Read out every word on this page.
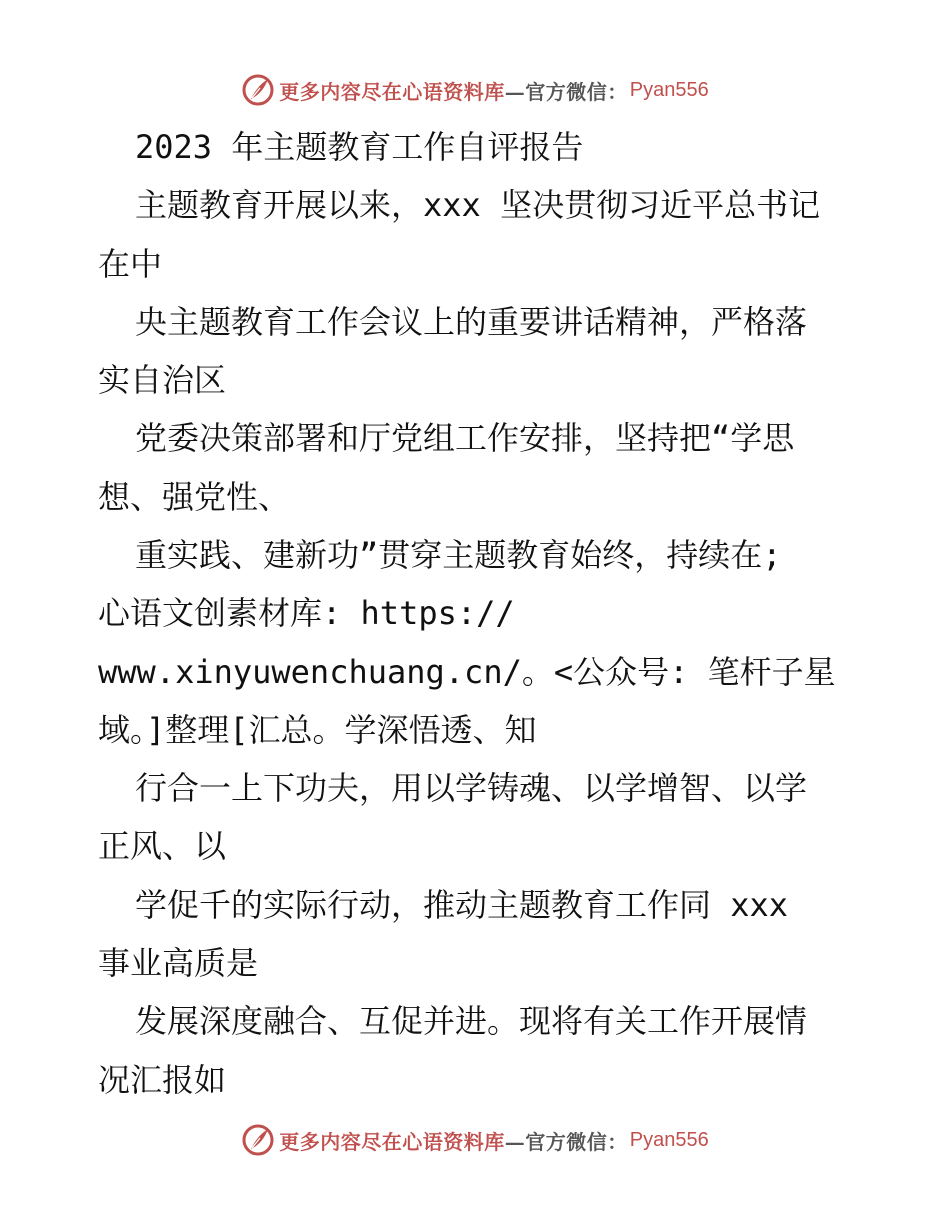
更多内容尽在心语资料库 —官方微信： Pyan556
2023 年主题教育工作自评报告
主题教育开展以来，xxx 坚决贯彻习近平总书记
在中
央主题教育工作会议上的重要讲话精神，严格落
实自治区
党委决策部署和厅党组工作安排，坚持把“学思
想、强党性、
重实践、建新功”贯穿主题教育始终，持续在;
心语文创素材库: https://
www.xinyuwenchuang.cn/。<公众号: 笔杆子星
域。]整理[汇总。学深悟透、知
行合一上下功夫，用以学铸魂、以学增智、以学
正风、以
学促千的实际行动，推动主题教育工作同 xxx
事业高质是
发展深度融合、互促并进。现将有关工作开展情
况汇报如
更多内容尽在心语资料库 —官方微信： Pyan556
